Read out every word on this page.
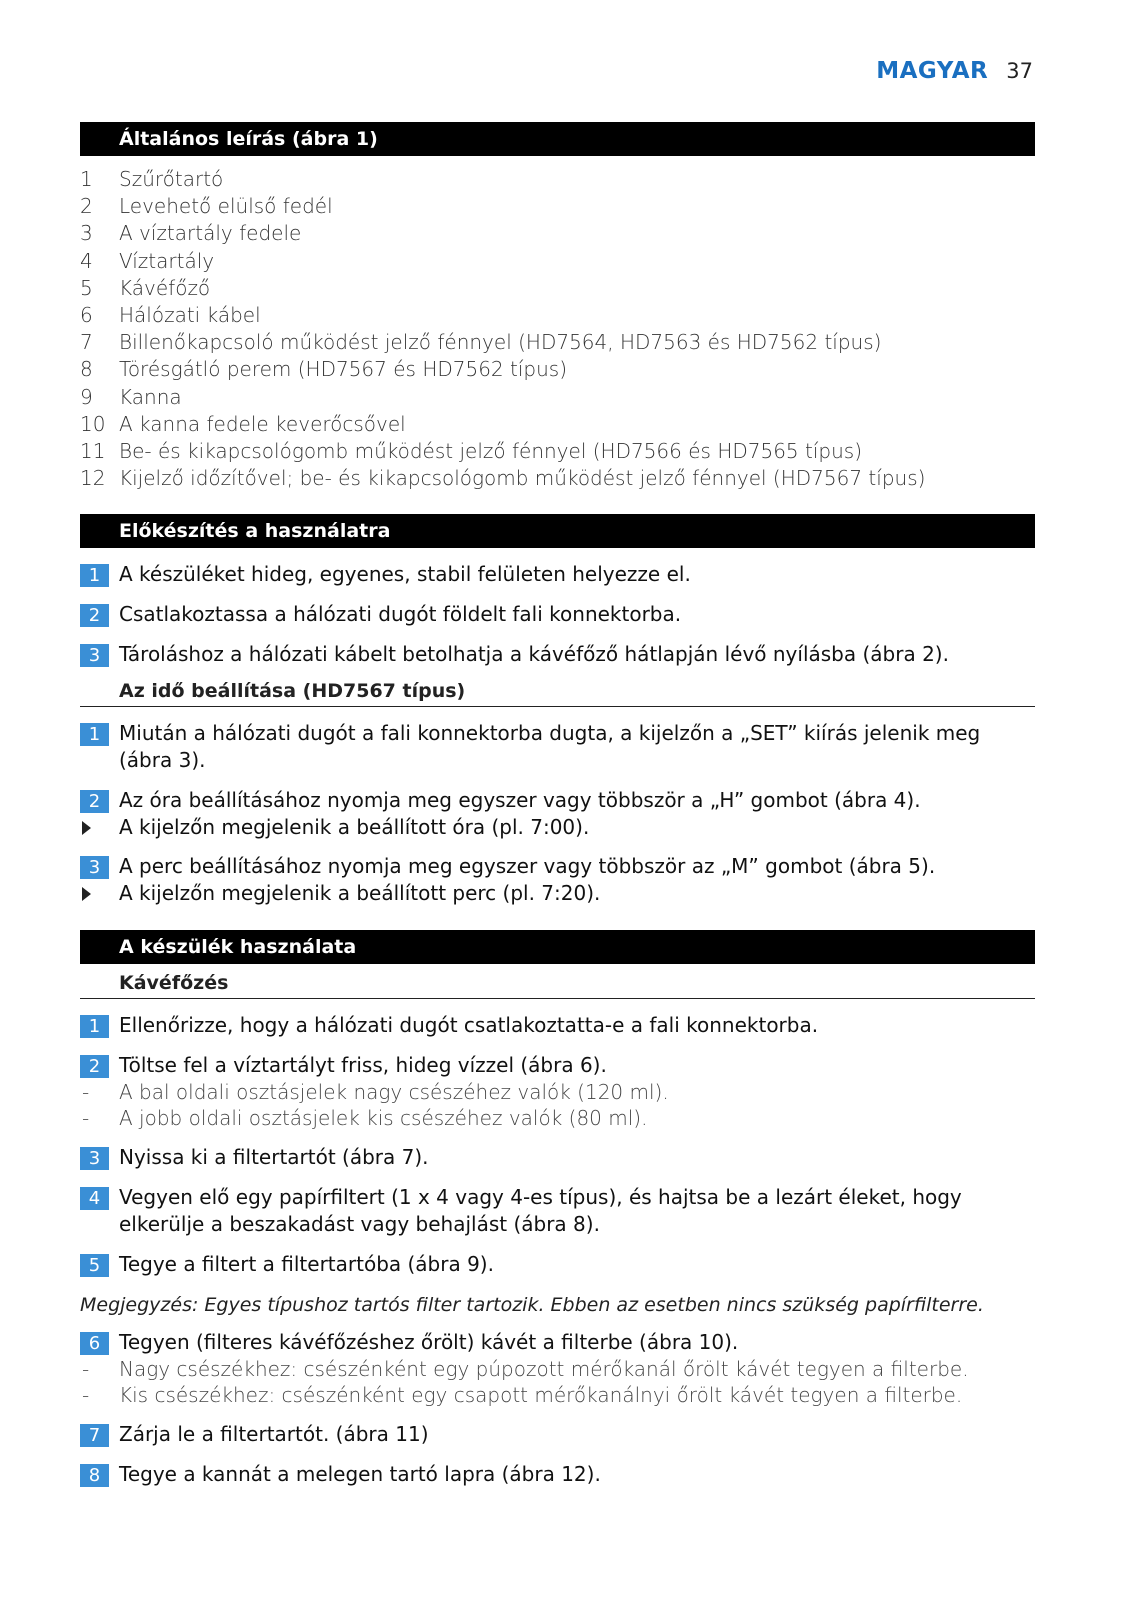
MAGYAR 37
Általános leírás (ábra 1)
1	Szűrőtartó
2	Levehető elülső fedél
3	A víztartály fedele
4	Víztartály
5	Kávéfőző
6	Hálózati kábel
7	Billenőkapcsoló működést jelző fénnyel (HD7564, HD7563 és HD7562 típus)
8	Törésgátló perem (HD7567 és HD7562 típus)
9	Kanna
10 A kanna fedele keverőcsővel
11 Be- és kikapcsológomb működést jelző fénnyel (HD7566 és HD7565 típus)
12 Kijelző időzítővel; be- és kikapcsológomb működést jelző fénnyel (HD7567 típus)
Előkészítés a használatra
1 A készüléket hideg, egyenes, stabil felületen helyezze el.
2 Csatlakoztassa a hálózati dugót földelt fali konnektorba.
3 Tároláshoz a hálózati kábelt betolhatja a kávéfőző hátlapján lévő nyílásba (ábra 2).
Az idő beállítása (HD7567 típus)
1 Miután a hálózati dugót a fali konnektorba dugta, a kijelzőn a „SET” kiírás jelenik meg (ábra 3).
2 Az óra beállításához nyomja meg egyszer vagy többször a „H” gombot (ábra 4).
A kijelzőn megjelenik a beállított óra (pl. 7:00).
3 A perc beállításához nyomja meg egyszer vagy többször az „M” gombot (ábra 5).
A kijelzőn megjelenik a beállított perc (pl. 7:20).
A készülék használata
Kávéfőzés
1 Ellenőrizze, hogy a hálózati dugót csatlakoztatta-e a fali konnektorba.
2 Töltse fel a víztartályt friss, hideg vízzel (ábra 6).
- A bal oldali osztásjelek nagy csészéhez valók (120 ml).
- A jobb oldali osztásjelek kis csészéhez valók (80 ml).
3 Nyissa ki a filtertartót (ábra 7).
4 Vegyen elő egy papírfiltert (1 x 4 vagy 4-es típus), és hajtsa be a lezárt éleket, hogy elkerülje a beszakadást vagy behajlást (ábra 8).
5 Tegye a filtert a filtertartóba (ábra 9).
Megjegyzés: Egyes típushoz tartós filter tartozik. Ebben az esetben nincs szükség papírfilterre.
6 Tegyen (filteres kávéfőzéshez őrölt) kávét a filterbe (ábra 10).
- Nagy csészékhez: csészénként egy púpozott mérőkanál őrölt kávét tegyen a filterbe.
- Kis csészékhez: csészénként egy csapott mérőkanálnyi őrölt kávét tegyen a filterbe.
7 Zárja le a filtertartót. (ábra 11)
8 Tegye a kannát a melegen tartó lapra (ábra 12).
